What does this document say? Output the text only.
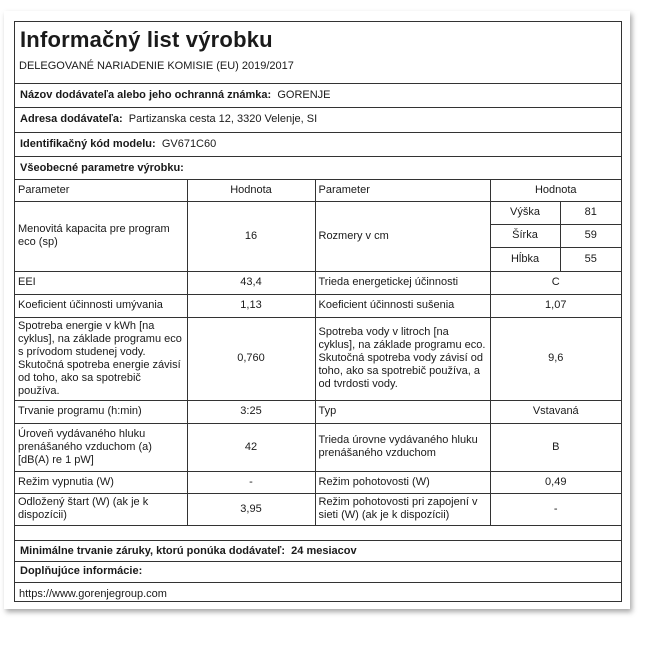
Informačný list výrobku
DELEGOVANÉ NARIADENIE KOMISIE (EU) 2019/2017
Názov dodávateľa alebo jeho ochranná známka: GORENJE
Adresa dodávateľa: Partizanska cesta 12, 3320 Velenje, SI
Identifikačný kód modelu: GV671C60
Všeobecné parametre výrobku:
Parameter	Hodnota	Parameter	Hodnota	
Menovitá kapacita pre program eco (sp)	16	Rozmery v cm	Výška	81
			Šírka	59
			Hĺbka	55
EEI	43,4	Trieda energetickej účinnosti	C	
Koeficient účinnosti umývania	1,13	Koeficient účinnosti sušenia	1,07	
Spotreba energie v kWh [na cyklus], na základe programu eco s prívodom studenej vody. Skutočná spotreba energie závisí od toho, ako sa spotrebič používa.	0,760	Spotreba vody v litroch [na cyklus], na základe programu eco. Skutočná spotreba vody závisí od toho, ako sa spotrebič používa, a od tvrdosti vody.	9,6	
Trvanie programu (h:min)	3:25	Typ	Vstavaná	
Úroveň vydávaného hluku prenášaného vzduchom (a) [dB(A) re 1 pW]	42	Trieda úrovne vydávaného hluku prenášaného vzduchom	B	
Režim vypnutia (W)	-	Režim pohotovosti (W)	0,49	
Odložený štart (W) (ak je k dispozícii)	3,95	Režim pohotovosti pri zapojení v sieti (W) (ak je k dispozícii)	-	
Minimálne trvanie záruky, ktorú ponúka dodávateľ: 24 mesiacov
Doplňujúce informácie:
https://www.gorenjegroup.com
